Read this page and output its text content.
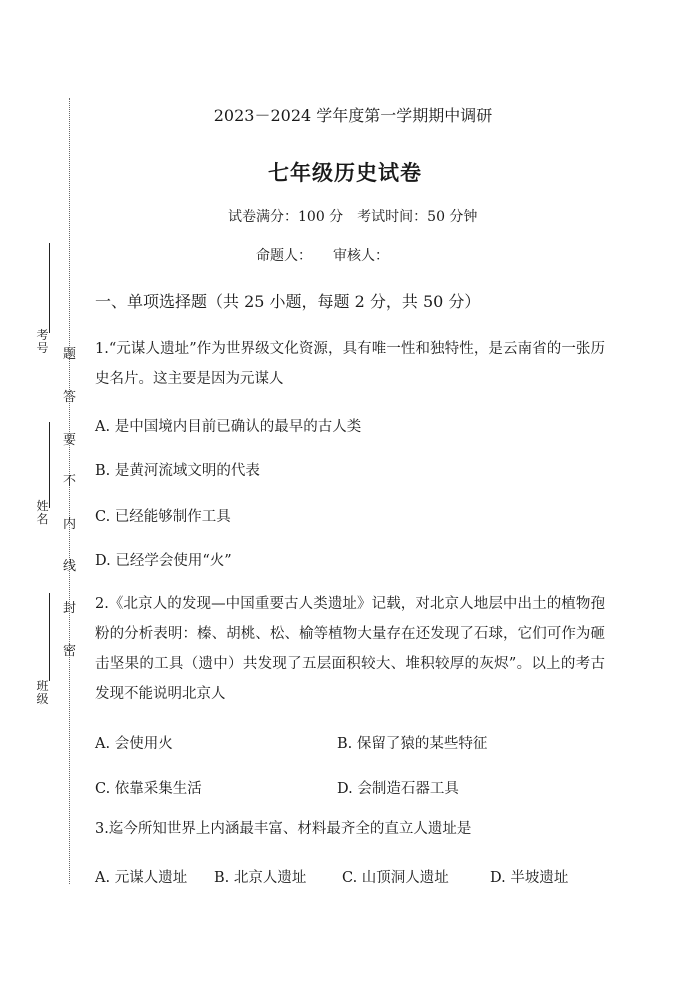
考号
姓名
班级
题
答
要
不
内
线
封
密
2023－2024 学年度第一学期期中调研
七年级历史试卷
试卷满分：100 分　考试时间：50 分钟
命题人：　　审核人：
一、单项选择题（共 25 小题，每题 2 分，共 50 分）
1.“元谋人遗址”作为世界级文化资源，具有唯一性和独特性，是云南省的一张历史名片。这主要是因为元谋人
A. 是中国境内目前已确认的最早的古人类
B. 是黄河流域文明的代表
C. 已经能够制作工具
D. 已经学会使用“火”
2.《北京人的发现—中国重要古人类遗址》记载，对北京人地层中出土的植物孢粉的分析表明：榛、胡桃、松、榆等植物大量存在还发现了石球，它们可作为砸击坚果的工具（遗中）共发现了五层面积较大、堆积较厚的灰烬”。以上的考古发现不能说明北京人
A. 会使用火	B. 保留了猿的某些特征
C. 依靠采集生活	D. 会制造石器工具
3.迄今所知世界上内涵最丰富、材料最齐全的直立人遗址是
A. 元谋人遗址 B. 北京人遗址 C. 山顶洞人遗址	D. 半坡遗址
